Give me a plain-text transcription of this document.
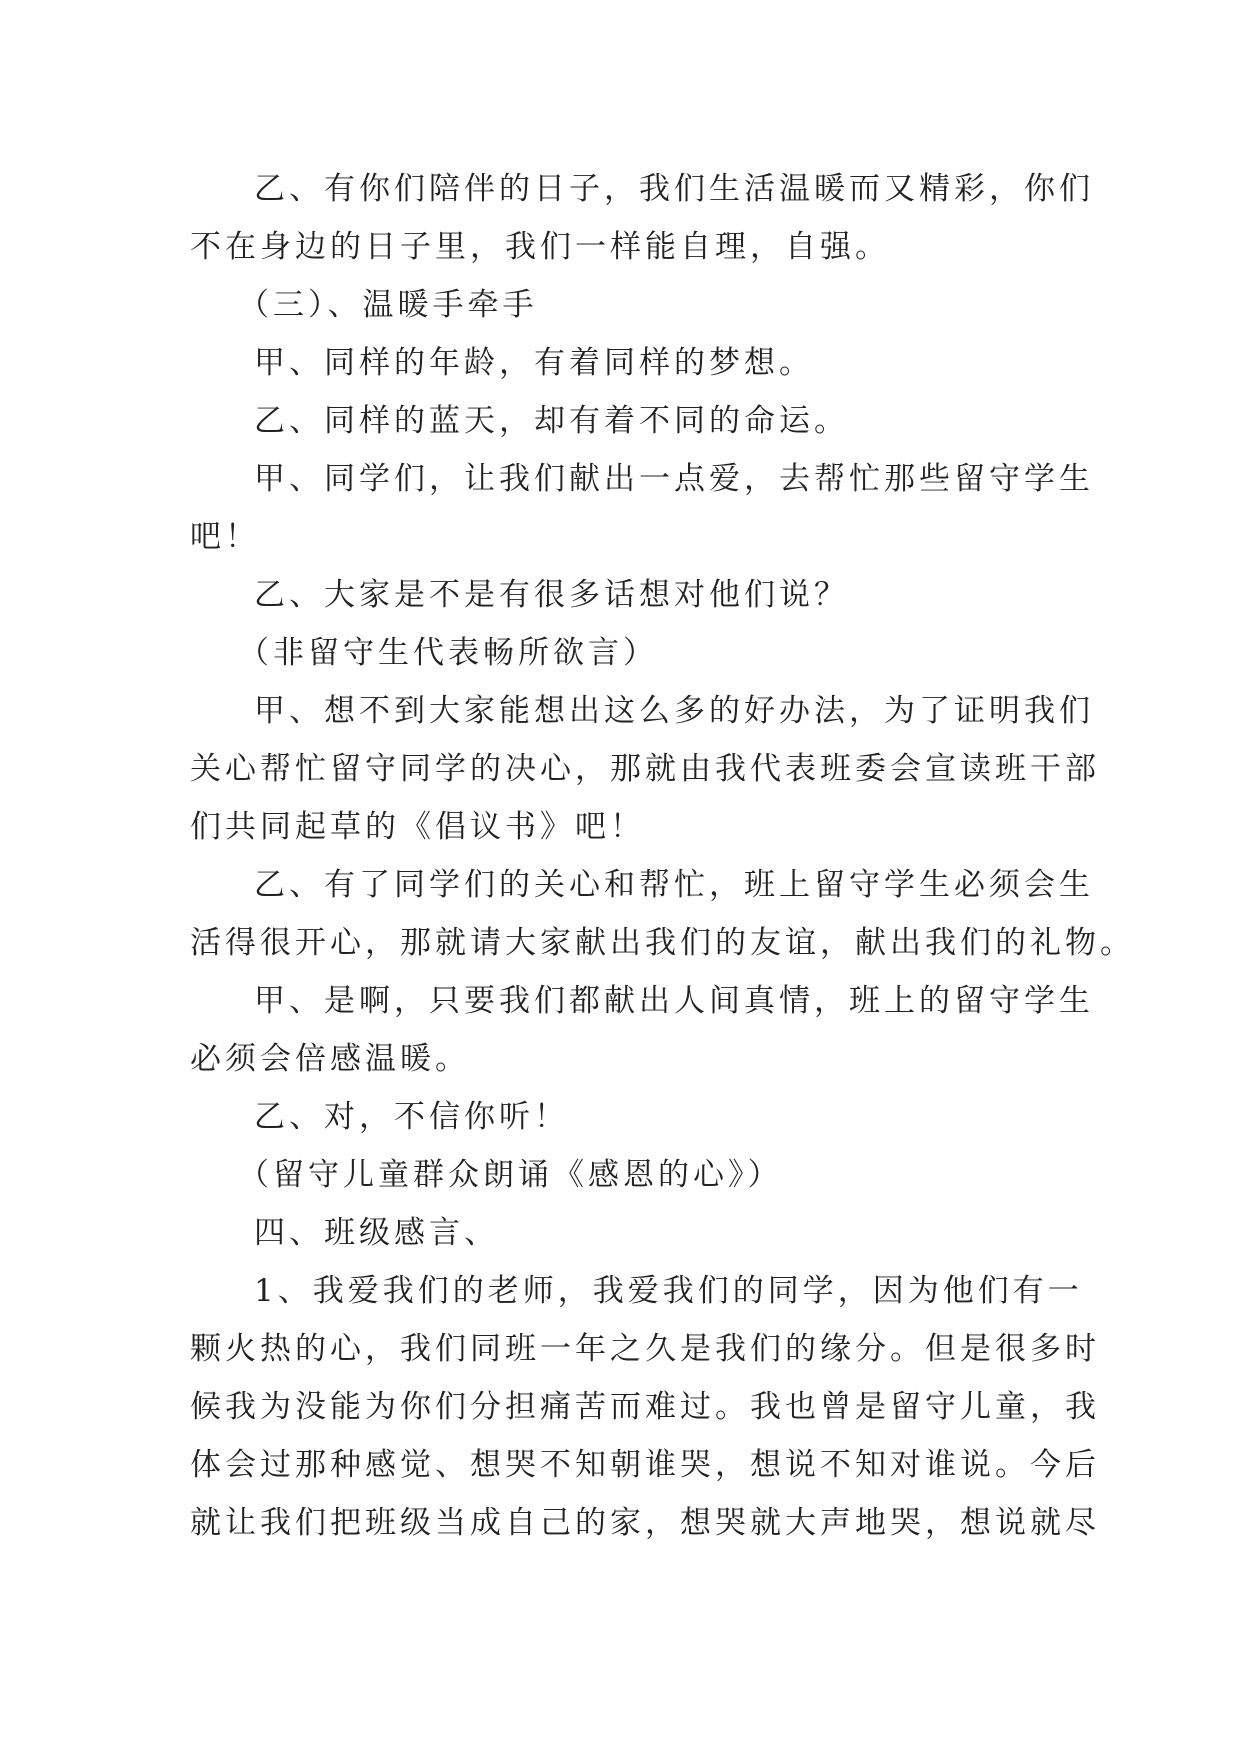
乙、有你们陪伴的日子，我们生活温暖而又精彩，你们
不在身边的日子里，我们一样能自理，自强。
（三）、温暖手牵手
甲、同样的年龄，有着同样的梦想。
乙、同样的蓝天，却有着不同的命运。
甲、同学们，让我们献出一点爱，去帮忙那些留守学生
吧！
乙、大家是不是有很多话想对他们说？
（非留守生代表畅所欲言）
甲、想不到大家能想出这么多的好办法，为了证明我们
关心帮忙留守同学的决心，那就由我代表班委会宣读班干部
们共同起草的《倡议书》吧！
乙、有了同学们的关心和帮忙，班上留守学生必须会生
活得很开心，那就请大家献出我们的友谊，献出我们的礼物。
甲、是啊，只要我们都献出人间真情，班上的留守学生
必须会倍感温暖。
乙、对，不信你听！
（留守儿童群众朗诵《感恩的心》）
四、班级感言、
1、我爱我们的老师，我爱我们的同学，因为他们有一
颗火热的心，我们同班一年之久是我们的缘分。但是很多时
候我为没能为你们分担痛苦而难过。我也曾是留守儿童，我
体会过那种感觉、想哭不知朝谁哭，想说不知对谁说。今后
就让我们把班级当成自己的家，想哭就大声地哭，想说就尽
